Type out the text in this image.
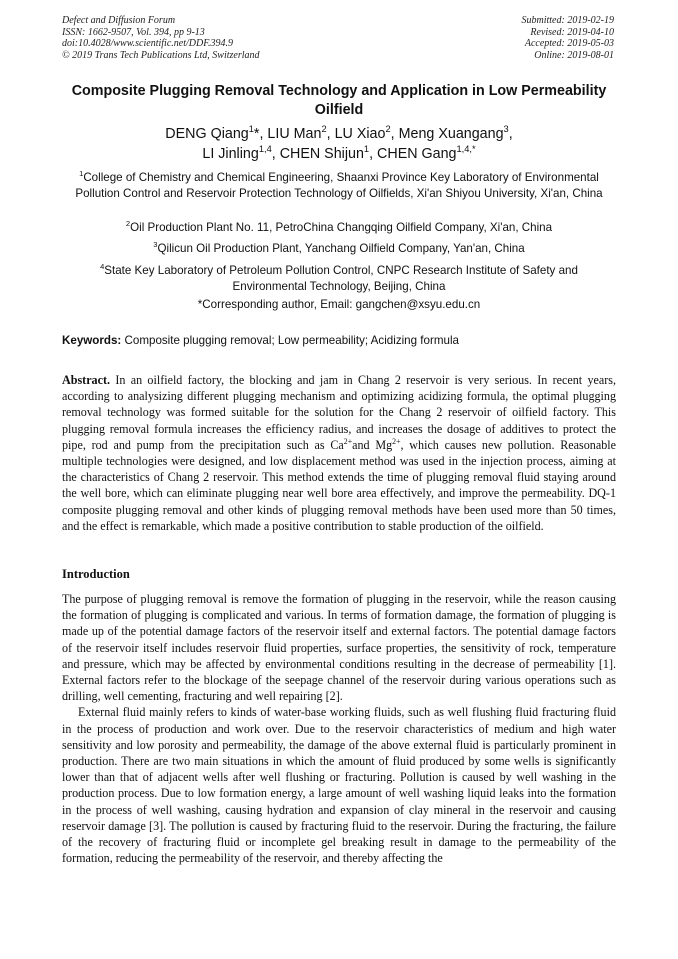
Defect and Diffusion Forum
ISSN: 1662-9507, Vol. 394, pp 9-13
doi:10.4028/www.scientific.net/DDF.394.9
© 2019 Trans Tech Publications Ltd, Switzerland
Submitted: 2019-02-19
Revised: 2019-04-10
Accepted: 2019-05-03
Online: 2019-08-01
Composite Plugging Removal Technology and Application in Low Permeability Oilfield
DENG Qiang$^1$*, LIU Man$^2$, LU Xiao$^2$, Meng Xuangang$^3$,
LI Jinling$^{1,4}$, CHEN Shijun$^1$, CHEN Gang$^{1,4,*}$
$^1$College of Chemistry and Chemical Engineering, Shaanxi Province Key Laboratory of Environmental Pollution Control and Reservoir Protection Technology of Oilfields, Xi'an Shiyou University, Xi'an, China
$^2$Oil Production Plant No. 11, PetroChina Changqing Oilfield Company, Xi'an, China
$^3$Qilicun Oil Production Plant, Yanchang Oilfield Company, Yan'an, China
$^4$State Key Laboratory of Petroleum Pollution Control, CNPC Research Institute of Safety and Environmental Technology, Beijing, China
*Corresponding author, Email: gangchen@xsyu.edu.cn
Keywords: Composite plugging removal; Low permeability; Acidizing formula
Abstract. In an oilfield factory, the blocking and jam in Chang 2 reservoir is very serious. In recent years, according to analysizing different plugging mechanism and optimizing acidizing formula, the optimal plugging removal technology was formed suitable for the solution for the Chang 2 reservoir of oilfield factory. This plugging removal formula increases the efficiency radius, and increases the dosage of additives to protect the pipe, rod and pump from the precipitation such as $Ca^{2+}and$ $Mg^{2+}$, which causes new pollution. Reasonable multiple technologies were designed, and low displacement method was used in the injection process, aiming at the characteristics of Chang 2 reservoir. This method extends the time of plugging removal fluid staying around the well bore, which can eliminate plugging near well bore area effectively, and improve the permeability. DQ-1 composite plugging removal and other kinds of plugging removal methods have been used more than 50 times, and the effect is remarkable, which made a positive contribution to stable production of the oilfield.
Introduction
The purpose of plugging removal is remove the formation of plugging in the reservoir, while the reason causing the formation of plugging is complicated and various. In terms of formation damage, the formation of plugging is made up of the potential damage factors of the reservoir itself and external factors. The potential damage factors of the reservoir itself includes reservoir fluid properties, surface properties, the sensitivity of rock, temperature and pressure, which may be affected by environmental conditions resulting in the decrease of permeability [1]. External factors refer to the blockage of the seepage channel of the reservoir during various operations such as drilling, well cementing, fracturing and well repairing [2].
External fluid mainly refers to kinds of water-base working fluids, such as well flushing fluid fracturing fluid in the process of production and work over. Due to the reservoir characteristics of medium and high water sensitivity and low porosity and permeability, the damage of the above external fluid is particularly prominent in production. There are two main situations in which the amount of fluid produced by some wells is significantly lower than that of adjacent wells after well flushing or fracturing. Pollution is caused by well washing in the production process. Due to low formation energy, a large amount of well washing liquid leaks into the formation in the process of well washing, causing hydration and expansion of clay mineral in the reservoir and causing reservoir damage [3]. The pollution is caused by fracturing fluid to the reservoir. During the fracturing, the failure of the recovery of fracturing fluid or incomplete gel breaking result in damage to the permeability of the formation, reducing the permeability of the reservoir, and thereby affecting the
